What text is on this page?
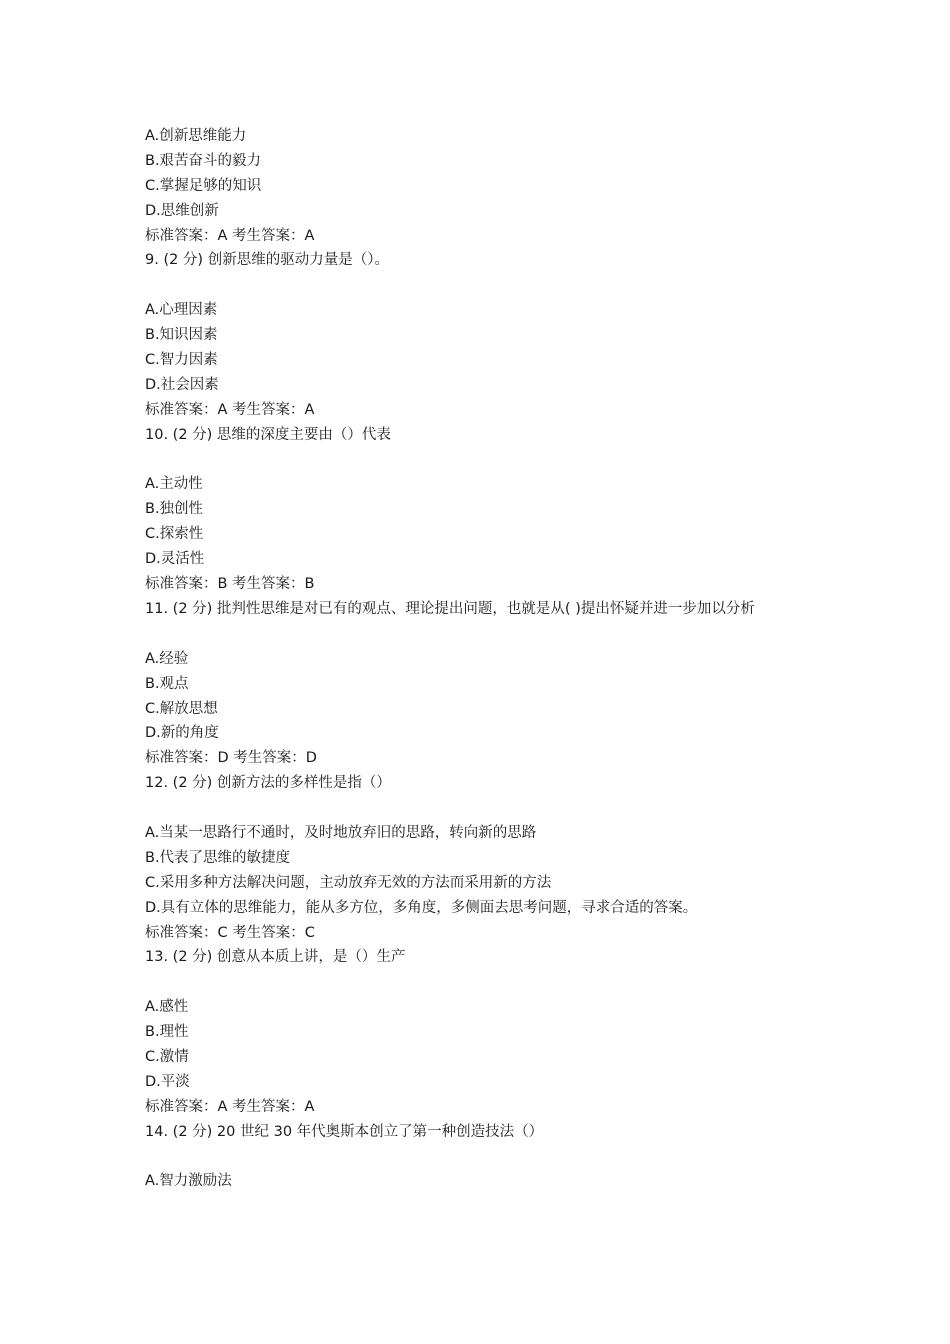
A.创新思维能力
B.艰苦奋斗的毅力
C.掌握足够的知识
D.思维创新
标准答案：A 考生答案：A
9. (2 分) 创新思维的驱动力量是（）。
A.心理因素
B.知识因素
C.智力因素
D.社会因素
标准答案：A 考生答案：A
10. (2 分) 思维的深度主要由（）代表
A.主动性
B.独创性
C.探索性
D.灵活性
标准答案：B 考生答案：B
11. (2 分) 批判性思维是对已有的观点、理论提出问题，也就是从( )提出怀疑并进一步加以分析
A.经验
B.观点
C.解放思想
D.新的角度
标准答案：D 考生答案：D
12. (2 分) 创新方法的多样性是指（）
A.当某一思路行不通时，及时地放弃旧的思路，转向新的思路
B.代表了思维的敏捷度
C.采用多种方法解决问题，主动放弃无效的方法而采用新的方法
D.具有立体的思维能力，能从多方位，多角度，多侧面去思考问题，寻求合适的答案。
标准答案：C 考生答案：C
13. (2 分) 创意从本质上讲，是（）生产
A.感性
B.理性
C.激情
D.平淡
标准答案：A 考生答案：A
14. (2 分) 20 世纪 30 年代奥斯本创立了第一种创造技法（）
A.智力激励法
